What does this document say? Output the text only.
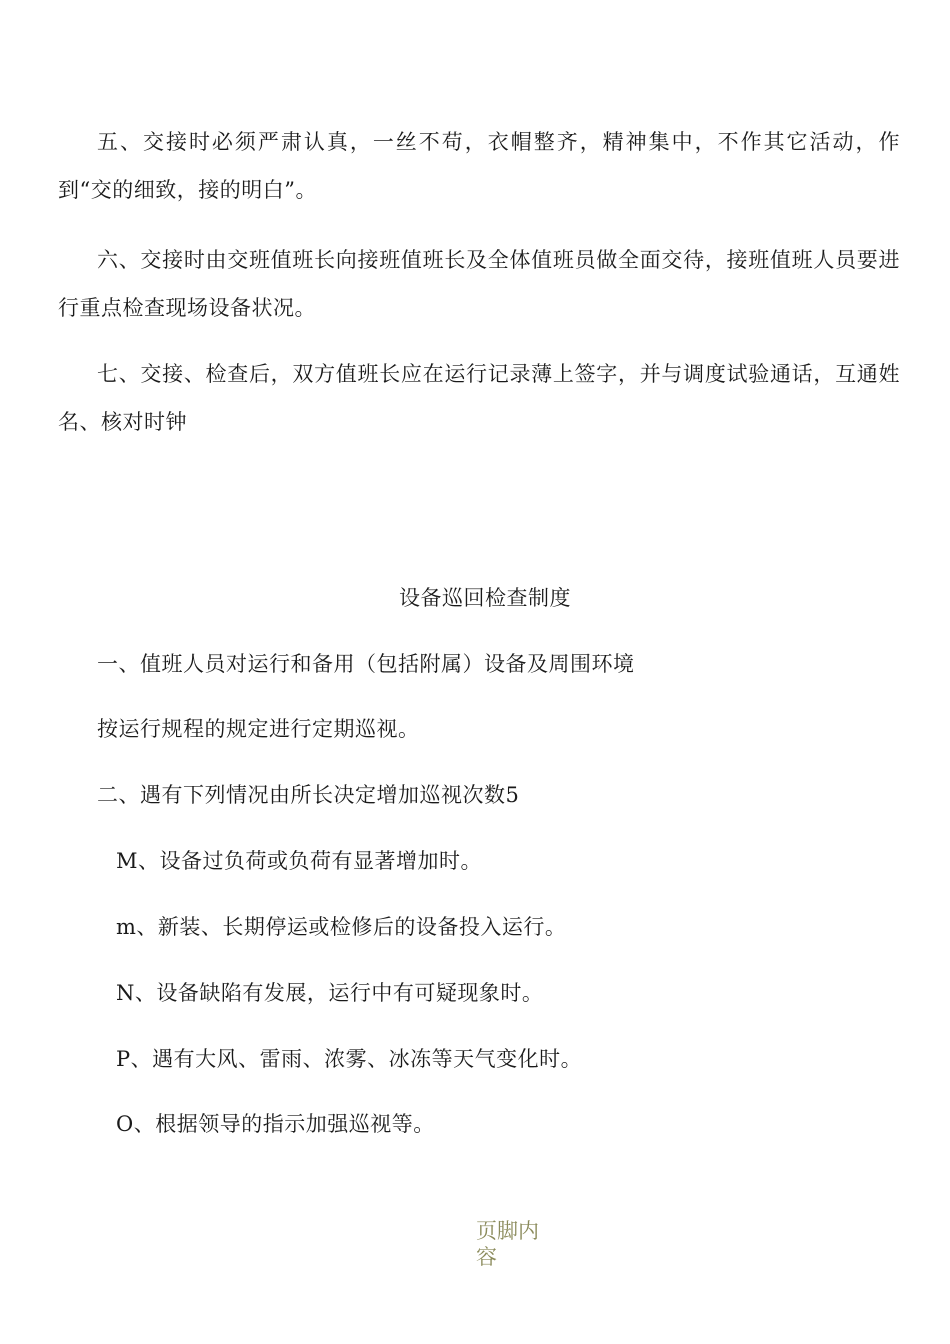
五、交接时必须严肃认真，一丝不苟，衣帽整齐，精神集中，不作其它活动，作到“交的细致，接的明白”。

六、交接时由交班值班长向接班值班长及全体值班员做全面交待，接班值班人员要进行重点检查现场设备状况。

七、交接、检查后，双方值班长应在运行记录薄上签字，并与调度试验通话，互通姓名、核对时钟

设备巡回检查制度
一、值班人员对运行和备用（包括附属）设备及周围环境
按运行规程的规定进行定期巡视。
二、遇有下列情况由所长决定增加巡视次数5
M、设备过负荷或负荷有显著增加时。
m、新装、长期停运或检修后的设备投入运行。
N、设备缺陷有发展，运行中有可疑现象时。
P、遇有大风、雷雨、浓雾、冰冻等天气变化时。
O、根据领导的指示加强巡视等。
页脚内容
